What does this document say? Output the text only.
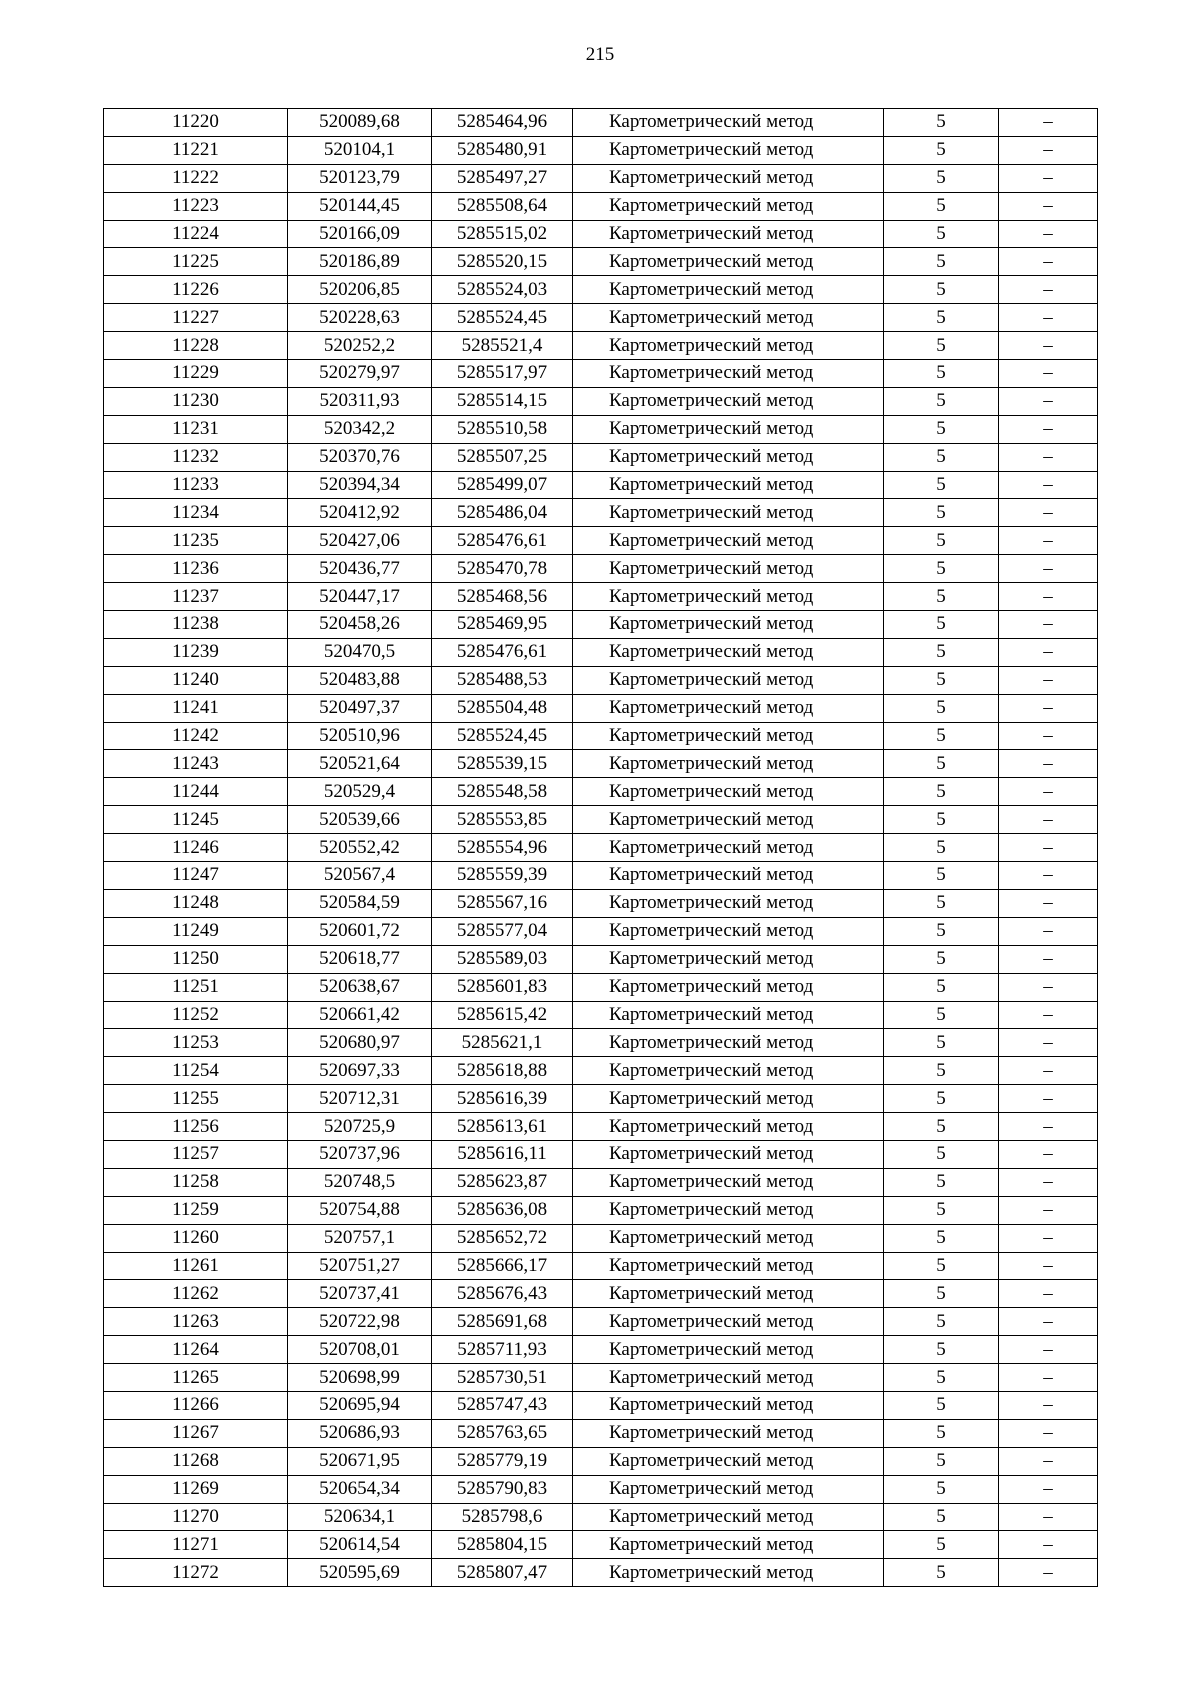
215
11220	520089,68	5285464,96	Картометрический метод	5	–
11221	520104,1	5285480,91	Картометрический метод	5	–
11222	520123,79	5285497,27	Картометрический метод	5	–
11223	520144,45	5285508,64	Картометрический метод	5	–
11224	520166,09	5285515,02	Картометрический метод	5	–
11225	520186,89	5285520,15	Картометрический метод	5	–
11226	520206,85	5285524,03	Картометрический метод	5	–
11227	520228,63	5285524,45	Картометрический метод	5	–
11228	520252,2	5285521,4	Картометрический метод	5	–
11229	520279,97	5285517,97	Картометрический метод	5	–
11230	520311,93	5285514,15	Картометрический метод	5	–
11231	520342,2	5285510,58	Картометрический метод	5	–
11232	520370,76	5285507,25	Картометрический метод	5	–
11233	520394,34	5285499,07	Картометрический метод	5	–
11234	520412,92	5285486,04	Картометрический метод	5	–
11235	520427,06	5285476,61	Картометрический метод	5	–
11236	520436,77	5285470,78	Картометрический метод	5	–
11237	520447,17	5285468,56	Картометрический метод	5	–
11238	520458,26	5285469,95	Картометрический метод	5	–
11239	520470,5	5285476,61	Картометрический метод	5	–
11240	520483,88	5285488,53	Картометрический метод	5	–
11241	520497,37	5285504,48	Картометрический метод	5	–
11242	520510,96	5285524,45	Картометрический метод	5	–
11243	520521,64	5285539,15	Картометрический метод	5	–
11244	520529,4	5285548,58	Картометрический метод	5	–
11245	520539,66	5285553,85	Картометрический метод	5	–
11246	520552,42	5285554,96	Картометрический метод	5	–
11247	520567,4	5285559,39	Картометрический метод	5	–
11248	520584,59	5285567,16	Картометрический метод	5	–
11249	520601,72	5285577,04	Картометрический метод	5	–
11250	520618,77	5285589,03	Картометрический метод	5	–
11251	520638,67	5285601,83	Картометрический метод	5	–
11252	520661,42	5285615,42	Картометрический метод	5	–
11253	520680,97	5285621,1	Картометрический метод	5	–
11254	520697,33	5285618,88	Картометрический метод	5	–
11255	520712,31	5285616,39	Картометрический метод	5	–
11256	520725,9	5285613,61	Картометрический метод	5	–
11257	520737,96	5285616,11	Картометрический метод	5	–
11258	520748,5	5285623,87	Картометрический метод	5	–
11259	520754,88	5285636,08	Картометрический метод	5	–
11260	520757,1	5285652,72	Картометрический метод	5	–
11261	520751,27	5285666,17	Картометрический метод	5	–
11262	520737,41	5285676,43	Картометрический метод	5	–
11263	520722,98	5285691,68	Картометрический метод	5	–
11264	520708,01	5285711,93	Картометрический метод	5	–
11265	520698,99	5285730,51	Картометрический метод	5	–
11266	520695,94	5285747,43	Картометрический метод	5	–
11267	520686,93	5285763,65	Картометрический метод	5	–
11268	520671,95	5285779,19	Картометрический метод	5	–
11269	520654,34	5285790,83	Картометрический метод	5	–
11270	520634,1	5285798,6	Картометрический метод	5	–
11271	520614,54	5285804,15	Картометрический метод	5	–
11272	520595,69	5285807,47	Картометрический метод	5	–
